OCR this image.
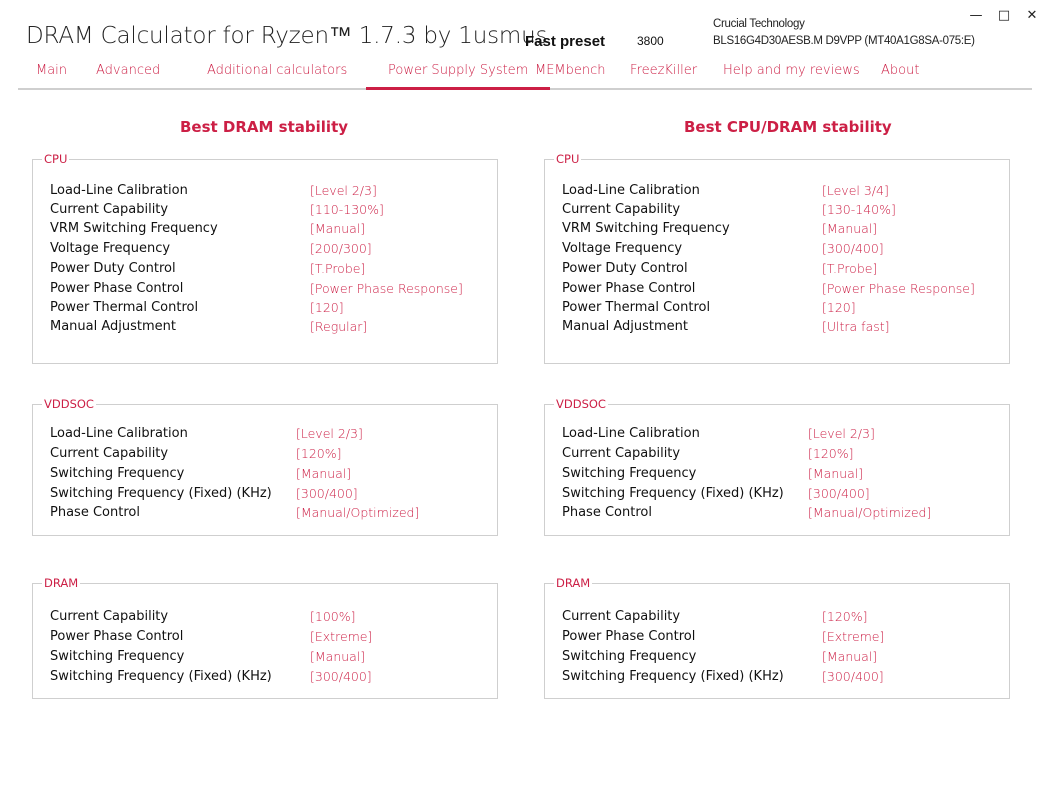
DRAM Calculator for Ryzen™ 1.7.3 by 1usmus
Fast preset	3800
Crucial Technology
BLS16G4D30AESB.M D9VPP (MT40A1G8SA-075:E)
—	□	✕
Main Advanced	Additional calculators	Power Supply System MEMbench FreezKiller Help and my reviews About
Best DRAM stability	Best CPU/DRAM stability
CPU
Load-Line Calibration	[Level 2/3]
Current Capability	[110-130%]
VRM Switching Frequency	[Manual]
Voltage Frequency	[200/300]
Power Duty Control	[T.Probe]
Power Phase Control	[Power Phase Response]
Power Thermal Control	[120]
Manual Adjustment	[Regular]
VDDSOC
Load-Line Calibration	[Level 2/3]
Current Capability	[120%]
Switching Frequency	[Manual]
Switching Frequency (Fixed) (KHz) [300/400]
Phase Control	[Manual/Optimized]
DRAM
Current Capability	[100%]
Power Phase Control	[Extreme]
Switching Frequency	[Manual]
Switching Frequency (Fixed) (KHz)	[300/400]
CPU
Load-Line Calibration	[Level 3/4]
Current Capability	[130-140%]
VRM Switching Frequency	[Manual]
Voltage Frequency	[300/400]
Power Duty Control	[T.Probe]
Power Phase Control	[Power Phase Response]
Power Thermal Control	[120]
Manual Adjustment	[Ultra fast]
VDDSOC
Load-Line Calibration	[Level 2/3]
Current Capability	[120%]
Switching Frequency	[Manual]
Switching Frequency (Fixed) (KHz) [300/400]
Phase Control	[Manual/Optimized]
DRAM
Current Capability	[120%]
Power Phase Control	[Extreme]
Switching Frequency	[Manual]
Switching Frequency (Fixed) (KHz)	[300/400]
